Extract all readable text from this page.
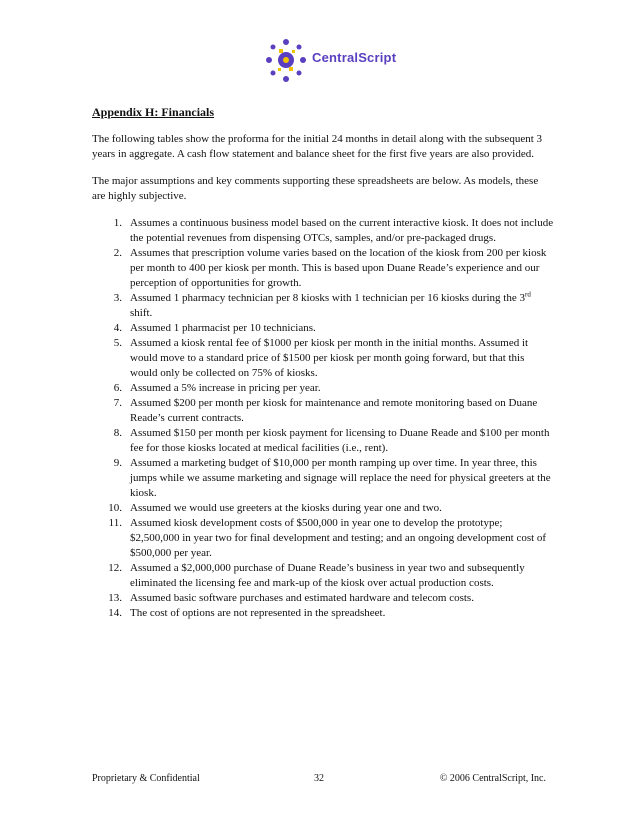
CentralScript
Appendix H: Financials

The following tables show the proforma for the initial 24 months in detail along with the subsequent 3 years in aggregate. A cash flow statement and balance sheet for the first five years are also provided.

The major assumptions and key comments supporting these spreadsheets are below. As models, these are highly subjective.

1. Assumes a continuous business model based on the current interactive kiosk. It does not include the potential revenues from dispensing OTCs, samples, and/or pre-packaged drugs.
2. Assumes that prescription volume varies based on the location of the kiosk from 200 per kiosk per month to 400 per kiosk per month. This is based upon Duane Reade’s experience and our perception of opportunities for growth.
3. Assumed 1 pharmacy technician per 8 kiosks with 1 technician per 16 kiosks during the 3rd shift.
4. Assumed 1 pharmacist per 10 technicians.
5. Assumed a kiosk rental fee of $1000 per kiosk per month in the initial months. Assumed it would move to a standard price of $1500 per kiosk per month going forward, but that this would only be collected on 75% of kiosks.
6. Assumed a 5% increase in pricing per year.
7. Assumed $200 per month per kiosk for maintenance and remote monitoring based on Duane Reade’s current contracts.
8. Assumed $150 per month per kiosk payment for licensing to Duane Reade and $100 per month fee for those kiosks located at medical facilities (i.e., rent).
9. Assumed a marketing budget of $10,000 per month ramping up over time. In year three, this jumps while we assume marketing and signage will replace the need for physical greeters at the kiosk.
10. Assumed we would use greeters at the kiosks during year one and two.
11. Assumed kiosk development costs of $500,000 in year one to develop the prototype; $2,500,000 in year two for final development and testing; and an ongoing development cost of $500,000 per year.
12. Assumed a $2,000,000 purchase of Duane Reade’s business in year two and subsequently eliminated the licensing fee and mark-up of the kiosk over actual production costs.
13. Assumed basic software purchases and estimated hardware and telecom costs.
14. The cost of options are not represented in the spreadsheet.
Proprietary & Confidential	32	© 2006 CentralScript, Inc.
